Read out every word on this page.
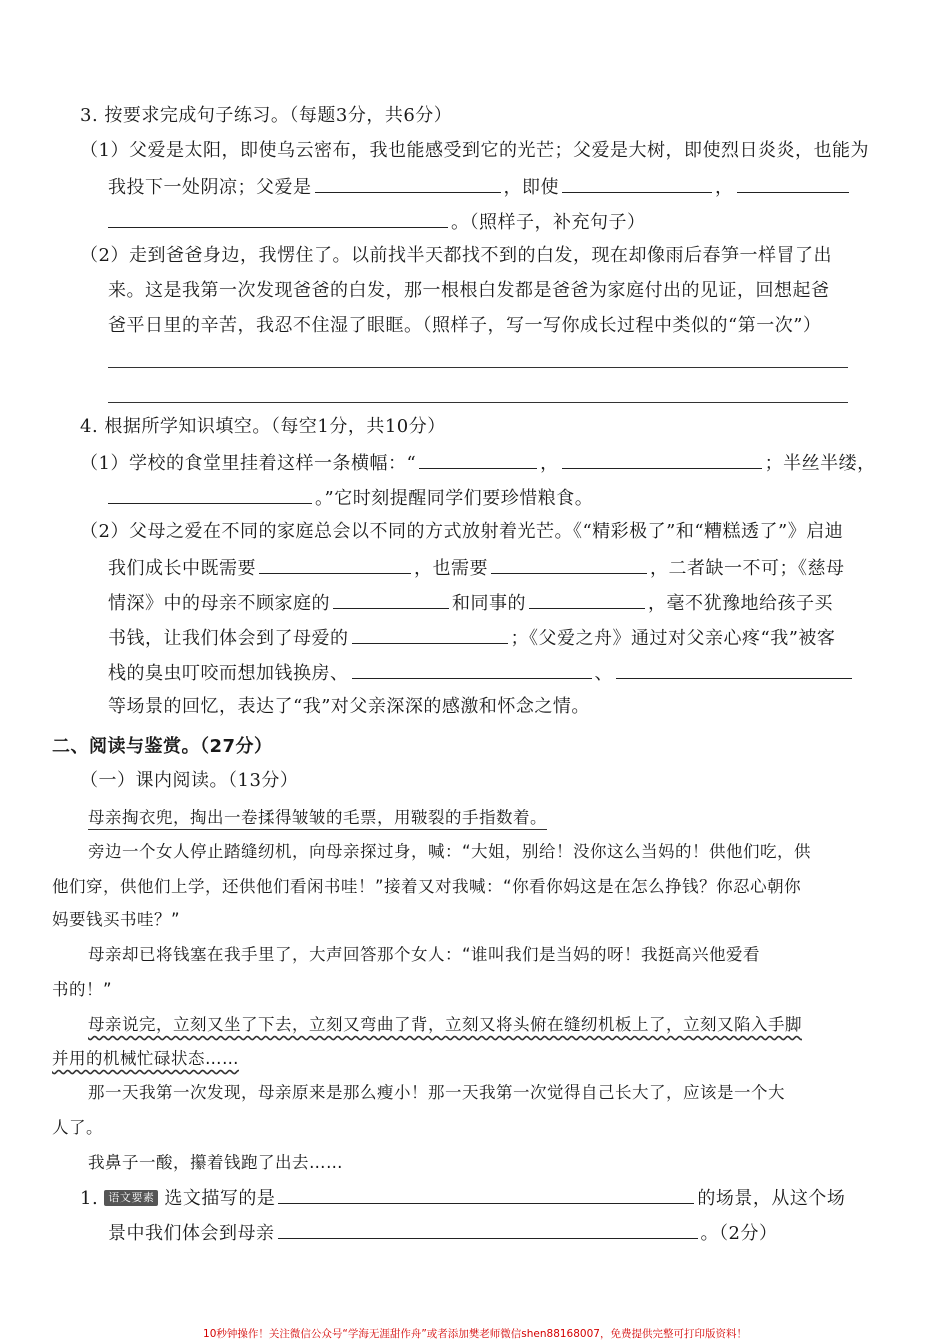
3. 按要求完成句子练习。（每题3分，共6分）
（1）父爱是太阳，即使乌云密布，我也能感受到它的光芒；父爱是大树，即使烈日炎炎，也能为
我投下一处阴凉；父爱是	，即使	，
。（照样子，补充句子）
（2）走到爸爸身边，我愣住了。以前找半天都找不到的白发，现在却像雨后春笋一样冒了出
来。这是我第一次发现爸爸的白发，那一根根白发都是爸爸为家庭付出的见证，回想起爸
爸平日里的辛苦，我忍不住湿了眼眶。（照样子，写一写你成长过程中类似的“第一次”）
4. 根据所学知识填空。（每空1分，共10分）
（1）学校的食堂里挂着这样一条横幅：“	，	；半丝半缕，
。”它时刻提醒同学们要珍惜粮食。
（2）父母之爱在不同的家庭总会以不同的方式放射着光芒。《“精彩极了”和“糟糕透了”》启迪
我们成长中既需要	，也需要	，二者缺一不可；《慈母
情深》中的母亲不顾家庭的	和同事的	，毫不犹豫地给孩子买
书钱，让我们体会到了母爱的	；《父爱之舟》通过对父亲心疼“我”被客
栈的臭虫叮咬而想加钱换房、	、
等场景的回忆，表达了“我”对父亲深深的感激和怀念之情。
二、阅读与鉴赏。（27分）
（一）课内阅读。（13分）
母亲掏衣兜，掏出一卷揉得皱皱的毛票，用皲裂的手指数着。
旁边一个女人停止踏缝纫机，向母亲探过身，喊：“大姐，别给！没你这么当妈的！供他们吃，供
他们穿，供他们上学，还供他们看闲书哇！”接着又对我喊：“你看你妈这是在怎么挣钱？你忍心朝你
妈要钱买书哇？”
母亲却已将钱塞在我手里了，大声回答那个女人：“谁叫我们是当妈的呀！我挺高兴他爱看
书的！”
母亲说完，立刻又坐了下去，立刻又弯曲了背，立刻又将头俯在缝纫机板上了，立刻又陷入手脚
并用的机械忙碌状态……
那一天我第一次发现，母亲原来是那么瘦小！那一天我第一次觉得自己长大了，应该是一个大
人了。
我鼻子一酸，攥着钱跑了出去……
1. 语文要素 选文描写的是	的场景，从这个场
景中我们体会到母亲	。（2分）
10秒钟操作！关注微信公众号“学海无涯甜作舟”或者添加樊老师微信shen88168007，免费提供完整可打印版资料！
